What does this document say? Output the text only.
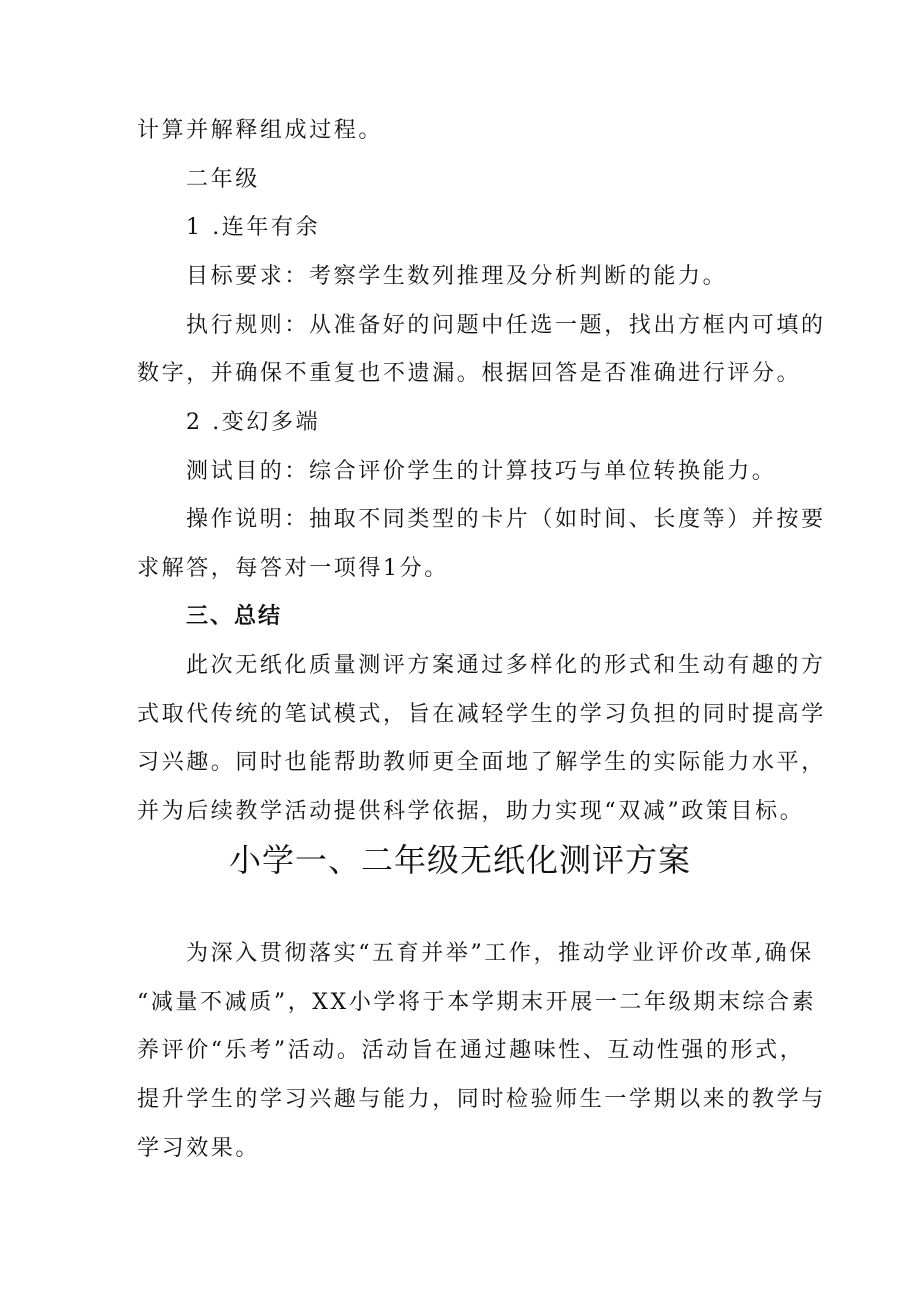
计算并解释组成过程。
二年级
1 .连年有余
目标要求：考察学生数列推理及分析判断的能力。
执行规则：从准备好的问题中任选一题，找出方框内可填的
数字，并确保不重复也不遗漏。根据回答是否准确进行评分。
2 .变幻多端
测试目的：综合评价学生的计算技巧与单位转换能力。
操作说明：抽取不同类型的卡片（如时间、长度等）并按要
求解答，每答对一项得1分。
三、总结
此次无纸化质量测评方案通过多样化的形式和生动有趣的方
式取代传统的笔试模式，旨在减轻学生的学习负担的同时提高学
习兴趣。同时也能帮助教师更全面地了解学生的实际能力水平，
并为后续教学活动提供科学依据，助力实现“双减”政策目标。
小学一、二年级无纸化测评方案
为深入贯彻落实“五育并举”工作，推动学业评价改革,确保
“减量不减质”，XX小学将于本学期末开展一二年级期末综合素
养评价“乐考”活动。活动旨在通过趣味性、互动性强的形式，
提升学生的学习兴趣与能力，同时检验师生一学期以来的教学与
学习效果。
